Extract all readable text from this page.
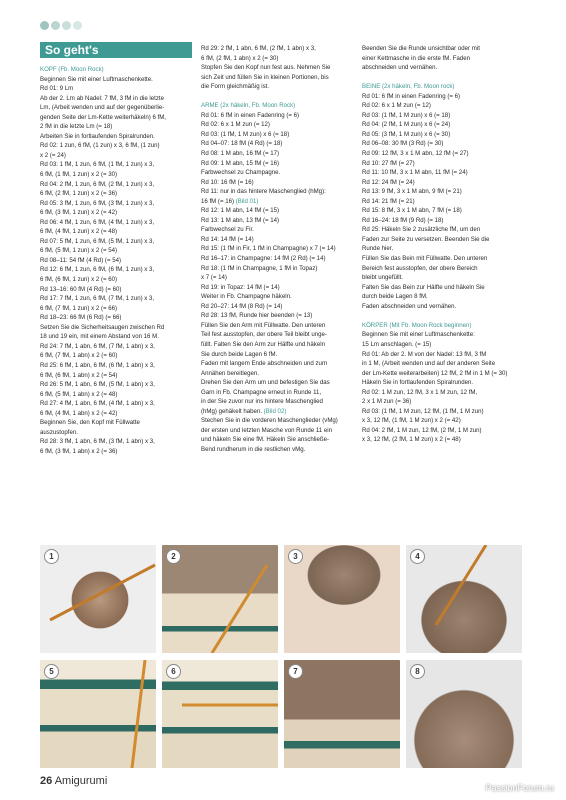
So geht's
KOPF (Fb. Moon Rock)
Beginnen Sie mit einer Luftmaschenkette.
Rd 01: 9 Lm
Ab der 2. Lm ab Nadel: 7 fM, 3 fM in die letzte
Lm, (Arbeit wenden und auf der gegenüberlie-
genden Seite der Lm-Kette weiterhäkeln) 6 fM,
2 fM in die letzte Lm (= 18)
Arbeiten Sie in fortlaufenden Spiralrunden.
Rd 02: 1 zun, 6 fM, (1 zun) x 3, 6 fM, (1 zun)
x 2 (= 24)
Rd 03: 1 fM, 1 zun, 6 fM, (1 fM, 1 zun) x 3,
6 fM, (1 fM, 1 zun) x 2 (= 30)
Rd 04: 2 fM, 1 zun, 6 fM, (2 fM, 1 zun) x 3,
6 fM, (2 fM, 1 zun) x 2 (= 36)
Rd 05: 3 fM, 1 zun, 6 fM, (3 fM, 1 zun) x 3,
6 fM, (3 fM, 1 zun) x 2 (= 42)
Rd 06: 4 fM, 1 zun, 6 fM, (4 fM, 1 zun) x 3,
6 fM, (4 fM, 1 zun) x 2 (= 48)
Rd 07: 5 fM, 1 zun, 6 fM, (5 fM, 1 zun) x 3,
6 fM, (5 fM, 1 zun) x 2 (= 54)
Rd 08–11: 54 fM (4 Rd) (= 54)
Rd 12: 6 fM, 1 zun, 6 fM, (6 fM, 1 zun) x 3,
6 fM, (6 fM, 1 zun) x 2 (= 60)
Rd 13–16: 60 fM (4 Rd) (= 60)
Rd 17: 7 fM, 1 zun, 6 fM, (7 fM, 1 zun) x 3,
6 fM, (7 fM, 1 zun) x 2 (= 66)
Rd 18–23: 66 fM (6 Rd) (= 66)
Setzen Sie die Sicherheitsaugen zwischen Rd
18 und 19 ein, mit einem Abstand von 16 M.
Rd 24: 7 fM, 1 abn, 6 fM, (7 fM, 1 abn) x 3,
6 fM, (7 fM, 1 abn) x 2 (= 60)
Rd 25: 6 fM, 1 abn, 6 fM, (6 fM, 1 abn) x 3,
6 fM, (6 fM, 1 abn) x 2 (= 54)
Rd 26: 5 fM, 1 abn, 6 fM, (5 fM, 1 abn) x 3,
6 fM, (5 fM, 1 abn) x 2 (= 48)
Rd 27: 4 fM, 1 abn, 6 fM, (4 fM, 1 abn) x 3,
6 fM, (4 fM, 1 abn) x 2 (= 42)
Beginnen Sie, den Kopf mit Füllwatte
auszustopfen.
Rd 28: 3 fM, 1 abn, 6 fM, (3 fM, 1 abn) x 3,
6 fM, (3 fM, 1 abn) x 2 (= 36)
Rd 29: 2 fM, 1 abn, 6 fM, (2 fM, 1 abn) x 3,
6 fM, (2 fM, 1 abn) x 2 (= 30)
Stopfen Sie den Kopf nun fest aus. Nehmen Sie
sich Zeit und füllen Sie in kleinen Portionen, bis
die Form gleichmäßig ist.

ARME (2x häkeln, Fb. Moon Rock)
Rd 01: 6 fM in einen Fadenring (= 6)
Rd 02: 6 x 1 M zun (= 12)
Rd 03: (1 fM, 1 M zun) x 6 (= 18)
Rd 04–07: 18 fM (4 Rd) (= 18)
Rd 08: 1 M abn, 16 fM (= 17)
Rd 09: 1 M abn, 15 fM (= 16)
Farbwechsel zu Champagne.
Rd 10: 16 fM (= 16)
Rd 11: nur in das hintere Maschenglied (hMg):
16 fM (= 16) (Bild 01)
Rd 12: 1 M abn, 14 fM (= 15)
Rd 13: 1 M abn, 13 fM (= 14)
Farbwechsel zu Fir.
Rd 14: 14 fM (= 14)
Rd 15: (1 fM in Fir, 1 fM in Champagne) x 7 (= 14)
Rd 16–17: in Champagne: 14 fM (2 Rd) (= 14)
Rd 18: (1 fM in Champagne, 1 fM in Topaz)
x 7 (= 14)
Rd 19: in Topaz: 14 fM (= 14)
Weiter in Fb. Champagne häkeln.
Rd 20–27: 14 fM (8 Rd) (= 14)
Rd 28: 13 fM, Runde hier beenden (= 13)
Füllen Sie den Arm mit Füllwatte. Den unteren
Teil fest ausstopfen, der obere Teil bleibt unge-
füllt. Falten Sie den Arm zur Hälfte und häkeln
Sie durch beide Lagen 6 fM.
Faden mit langem Ende abschneiden und zum
Annähen bereitlegen.
Drehen Sie den Arm um und befestigen Sie das
Garn in Fb. Champagne erneut in Runde 11,
in der Sie zuvor nur ins hintere Maschenglied
(hMg) gehäkelt haben. (Bild 02)
Stechen Sie in die vorderen Maschenglieder (vMg)
der ersten und letzten Masche von Runde 11 ein
und häkeln Sie eine fM. Häkeln Sie anschließe-
Bend rundherum in die restlichen vMg.
Beenden Sie die Runde unsichtbar oder mit
einer Kettmasche in die erste fM. Faden
abschneiden und vernähen.

BEINE (2x häkeln, Fb. Moon rock)
Rd 01: 6 fM in einen Fadenring (= 6)
Rd 02: 6 x 1 M zun (= 12)
Rd 03: (1 fM, 1 M zun) x 6 (= 18)
Rd 04: (2 fM, 1 M zun) x 6 (= 24)
Rd 05: (3 fM, 1 M zun) x 6 (= 30)
Rd 06–08: 30 fM (3 Rd) (= 30)
Rd 09: 12 fM, 3 x 1 M abn, 12 fM (= 27)
Rd 10: 27 fM (= 27)
Rd 11: 10 fM, 3 x 1 M abn, 11 fM (= 24)
Rd 12: 24 fM (= 24)
Rd 13: 9 fM, 3 x 1 M abn, 9 fM (= 21)
Rd 14: 21 fM (= 21)
Rd 15: 8 fM, 3 x 1 M abn, 7 fM (= 18)
Rd 16–24: 18 fM (9 Rd) (= 18)
Rd 25: Häkeln Sie 2 zusätzliche fM, um den
Faden zur Seite zu versetzen. Beenden Sie die
Runde hier.
Füllen Sie das Bein mit Füllwatte. Den unteren
Bereich fest ausstopfen, der obere Bereich
bleibt ungefüllt.
Falten Sie das Bein zur Hälfte und häkeln Sie
durch beide Lagen 8 fM.
Faden abschneiden und vernähen.

KÖRPER (Mit Fb. Moon Rock beginnen)
Beginnen Sie mit einer Luftmaschenkette:
15 Lm anschlagen. (= 15)
Rd 01: Ab der 2. M von der Nadel: 13 fM, 3 fM
in 1 M, (Arbeit wenden und auf der anderen Seite
der Lm-Kette weiterarbeiten) 12 fM, 2 fM in 1 M (= 30)
Häkeln Sie in fortlaufenden Spiralrunden.
Rd 02: 1 M zun, 12 fM, 3 x 1 M zun, 12 fM,
2 x 1 M zun (= 36)
Rd 03: (1 fM, 1 M zun, 12 fM, (1 fM, 1 M zun)
x 3, 12 fM, (1 fM, 1 M zun) x 2 (= 42)
Rd 04: 2 fM, 1 M zun, 12 fM, (2 fM, 1 M zun)
x 3, 12 fM, (2 fM, 1 M zun) x 2 (= 48)
1	2	3	4
5	6	7	8
26 Amigurumi
PassionForum.ru
